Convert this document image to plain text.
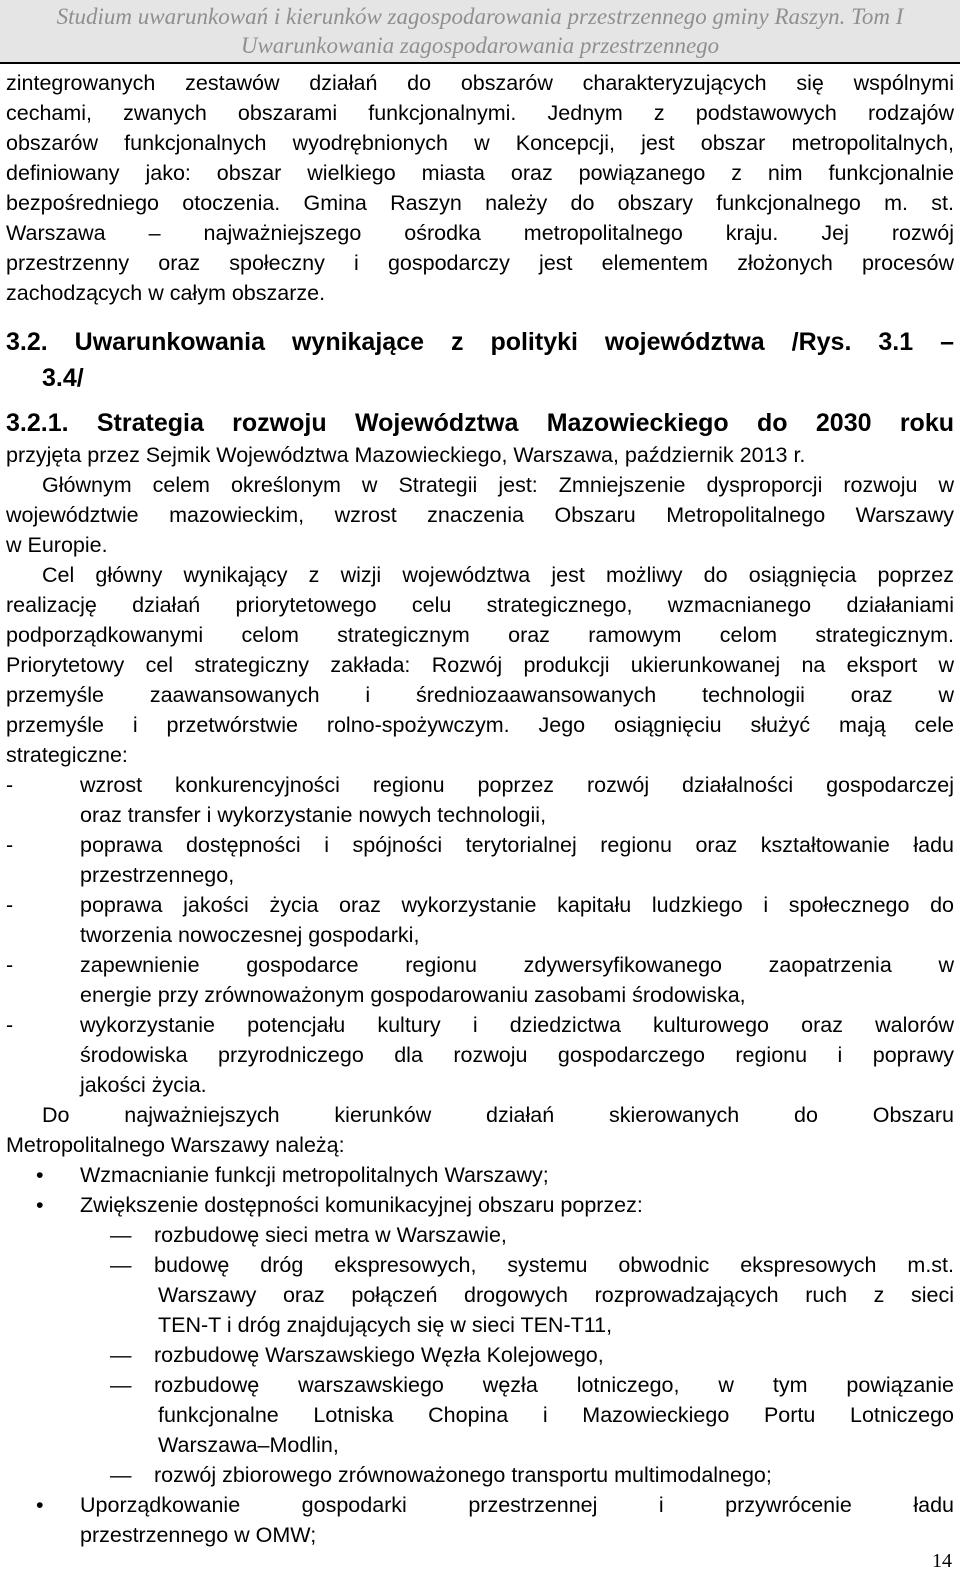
Studium uwarunkowań i kierunków zagospodarowania przestrzennego gminy Raszyn. Tom I
Uwarunkowania zagospodarowania przestrzennego
zintegrowanych zestawów działań do obszarów charakteryzujących się wspólnymi
cechami, zwanych obszarami funkcjonalnymi. Jednym z podstawowych rodzajów
obszarów funkcjonalnych wyodrębnionych w Koncepcji, jest obszar metropolitalnych,
definiowany jako: obszar wielkiego miasta oraz powiązanego z nim funkcjonalnie
bezpośredniego otoczenia. Gmina Raszyn należy do obszary funkcjonalnego m. st.
Warszawa – najważniejszego ośrodka metropolitalnego kraju. Jej rozwój
przestrzenny oraz społeczny i gospodarczy jest elementem złożonych procesów
zachodzących w całym obszarze.
3.2. Uwarunkowania wynikające z polityki województwa /Rys. 3.1 –
3.4/
3.2.1. Strategia rozwoju Województwa Mazowieckiego do 2030 roku
przyjęta przez Sejmik Województwa Mazowieckiego, Warszawa, październik 2013 r.
Głównym celem określonym w Strategii jest: Zmniejszenie dysproporcji rozwoju w
województwie mazowieckim, wzrost znaczenia Obszaru Metropolitalnego Warszawy
w Europie.
Cel główny wynikający z wizji województwa jest możliwy do osiągnięcia poprzez
realizację działań priorytetowego celu strategicznego, wzmacnianego działaniami
podporządkowanymi celom strategicznym oraz ramowym celom strategicznym.
Priorytetowy cel strategiczny zakłada: Rozwój produkcji ukierunkowanej na eksport w
przemyśle zaawansowanych i średniozaawansowanych technologii oraz w
przemyśle i przetwórstwie rolno-spożywczym. Jego osiągnięciu służyć mają cele
strategiczne:
-	wzrost konkurencyjności regionu poprzez rozwój działalności gospodarczej
oraz transfer i wykorzystanie nowych technologii,
-	poprawa dostępności i spójności terytorialnej regionu oraz kształtowanie ładu
przestrzennego,
-	poprawa jakości życia oraz wykorzystanie kapitału ludzkiego i społecznego do
tworzenia nowoczesnej gospodarki,
-	zapewnienie gospodarce regionu zdywersyfikowanego zaopatrzenia w
energie przy zrównoważonym gospodarowaniu zasobami środowiska,
-	wykorzystanie potencjału kultury i dziedzictwa kulturowego oraz walorów
środowiska przyrodniczego dla rozwoju gospodarczego regionu i poprawy
jakości życia.
Do najważniejszych kierunków działań skierowanych do Obszaru
Metropolitalnego Warszawy należą:
•	Wzmacnianie funkcji metropolitalnych Warszawy;
•	Zwiększenie dostępności komunikacyjnej obszaru poprzez:
—	rozbudowę sieci metra w Warszawie,
—	budowę dróg ekspresowych, systemu obwodnic ekspresowych m.st.
Warszawy oraz połączeń drogowych rozprowadzających ruch z sieci
TEN-T i dróg znajdujących się w sieci TEN-T11,
—	rozbudowę Warszawskiego Węzła Kolejowego,
—	rozbudowę warszawskiego węzła lotniczego, w tym powiązanie
funkcjonalne Lotniska Chopina i Mazowieckiego Portu Lotniczego
Warszawa–Modlin,
—	rozwój zbiorowego zrównoważonego transportu multimodalnego;
•	Uporządkowanie gospodarki przestrzennej i przywrócenie ładu
przestrzennego w OMW;
14
